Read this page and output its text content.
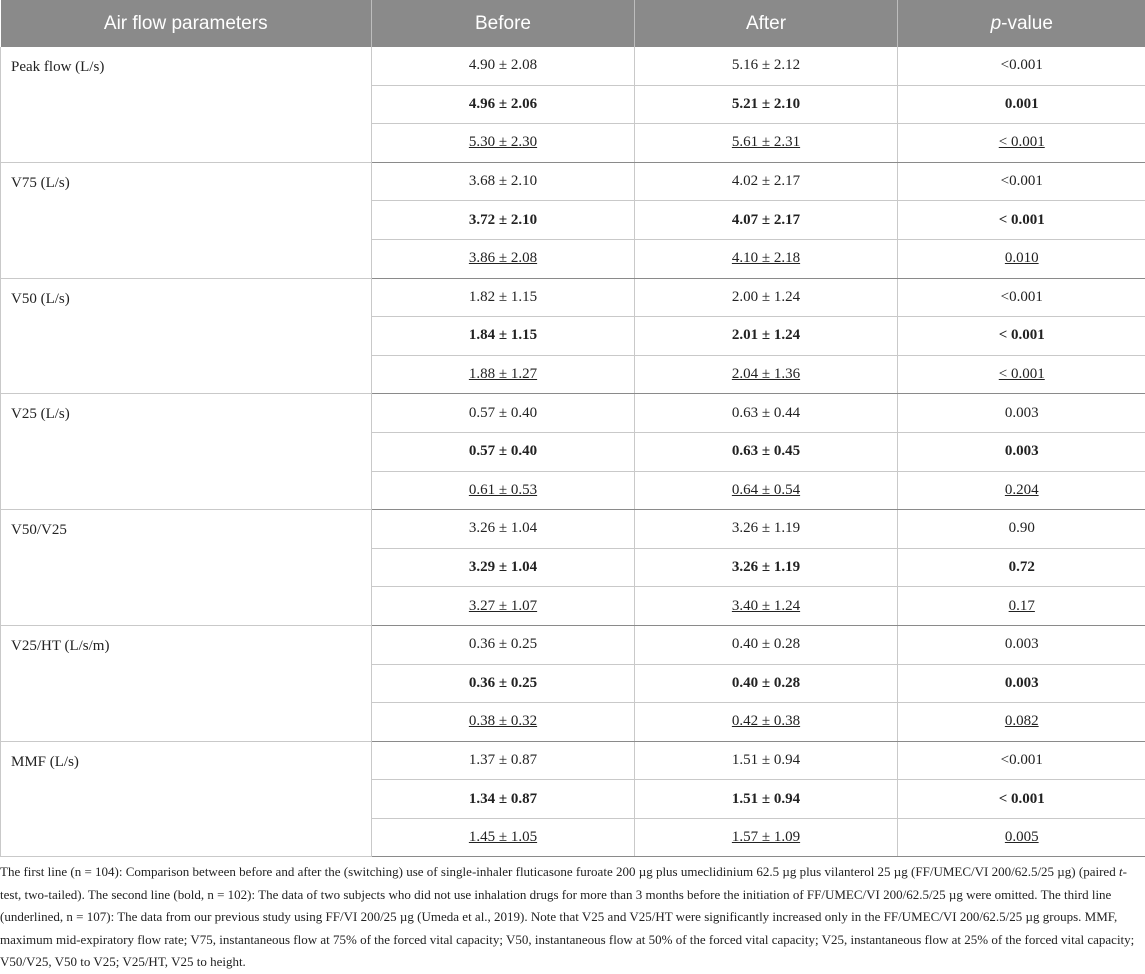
Air flow parameters	Before	After	p-value
Peak flow (L/s)	4.90 ± 2.08	5.16 ± 2.12	<0.001
	4.96 ± 2.06	5.21 ± 2.10	0.001
	5.30 ± 2.30	5.61 ± 2.31	< 0.001
V75 (L/s)	3.68 ± 2.10	4.02 ± 2.17	<0.001
	3.72 ± 2.10	4.07 ± 2.17	< 0.001
	3.86 ± 2.08	4.10 ± 2.18	0.010
V50 (L/s)	1.82 ± 1.15	2.00 ± 1.24	<0.001
	1.84 ± 1.15	2.01 ± 1.24	< 0.001
	1.88 ± 1.27	2.04 ± 1.36	< 0.001
V25 (L/s)	0.57 ± 0.40	0.63 ± 0.44	0.003
	0.57 ± 0.40	0.63 ± 0.45	0.003
	0.61 ± 0.53	0.64 ± 0.54	0.204
V50/V25	3.26 ± 1.04	3.26 ± 1.19	0.90
	3.29 ± 1.04	3.26 ± 1.19	0.72
	3.27 ± 1.07	3.40 ± 1.24	0.17
V25/HT (L/s/m)	0.36 ± 0.25	0.40 ± 0.28	0.003
	0.36 ± 0.25	0.40 ± 0.28	0.003
	0.38 ± 0.32	0.42 ± 0.38	0.082
MMF (L/s)	1.37 ± 0.87	1.51 ± 0.94	<0.001
	1.34 ± 0.87	1.51 ± 0.94	< 0.001
	1.45 ± 1.05	1.57 ± 1.09	0.005
The first line (n = 104): Comparison between before and after the (switching) use of single-inhaler fluticasone furoate 200 µg plus umeclidinium 62.5 µg plus vilanterol 25 µg (FF/UMEC/VI 200/62.5/25 µg) (paired t-test, two-tailed). The second line (bold, n = 102): The data of two subjects who did not use inhalation drugs for more than 3 months before the initiation of FF/UMEC/VI 200/62.5/25 µg were omitted. The third line (underlined, n = 107): The data from our previous study using FF/VI 200/25 µg (Umeda et al., 2019). Note that V25 and V25/HT were significantly increased only in the FF/UMEC/VI 200/62.5/25 µg groups. MMF, maximum mid-expiratory flow rate; V75, instantaneous flow at 75% of the forced vital capacity; V50, instantaneous flow at 50% of the forced vital capacity; V25, instantaneous flow at 25% of the forced vital capacity; V50/V25, V50 to V25; V25/HT, V25 to height.
